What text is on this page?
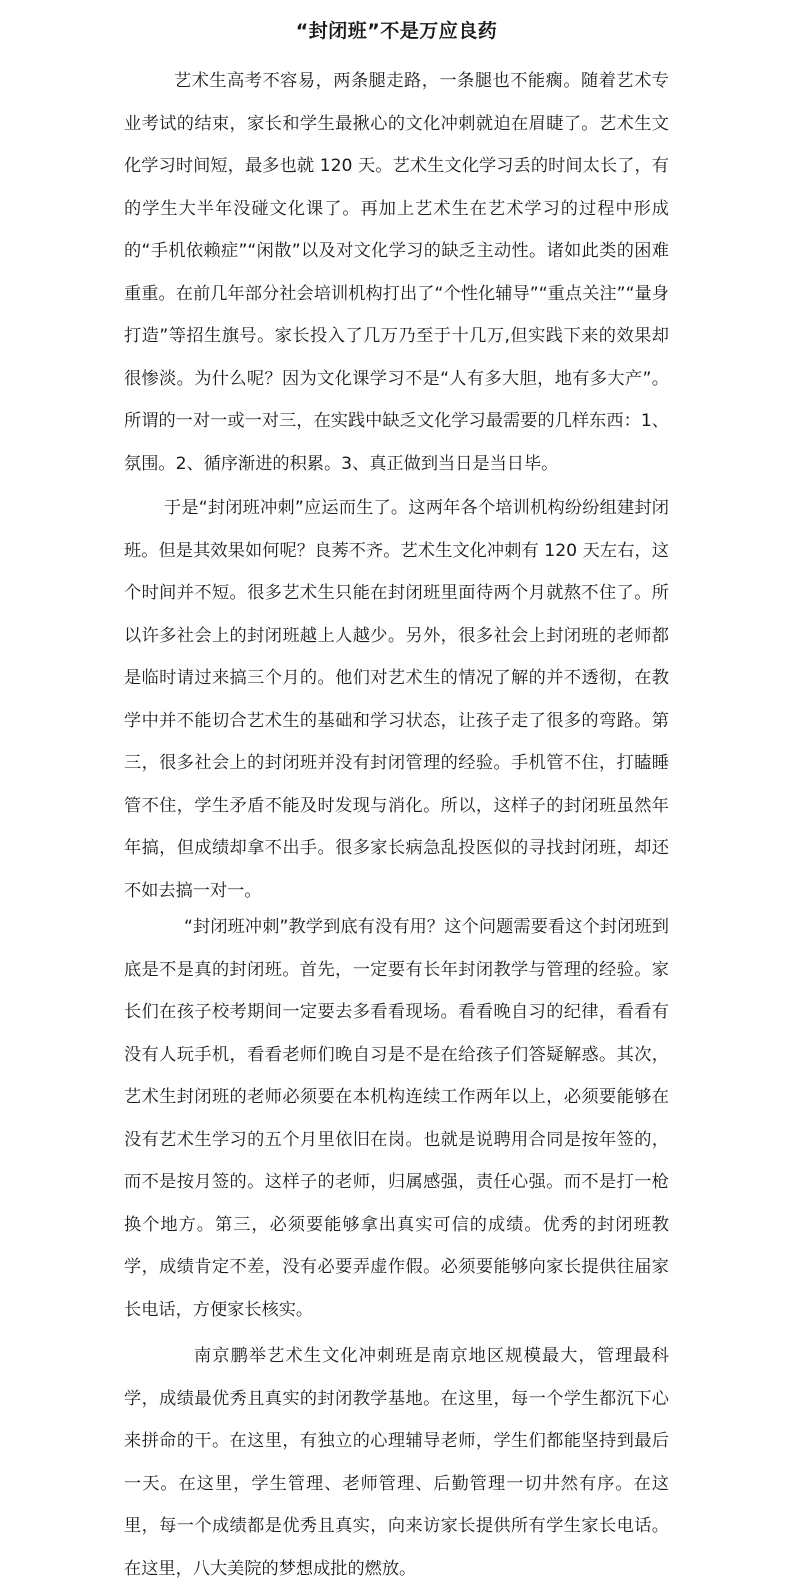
“封闭班”不是万应良药

艺术生高考不容易，两条腿走路，一条腿也不能瘸。随着艺术专业考试的结束，家长和学生最揪心的文化冲刺就迫在眉睫了。艺术生文化学习时间短，最多也就 120 天。艺术生文化学习丢的时间太长了，有的学生大半年没碰文化课了。再加上艺术生在艺术学习的过程中形成的“手机依赖症”“闲散”以及对文化学习的缺乏主动性。诸如此类的困难重重。在前几年部分社会培训机构打出了“个性化辅导”“重点关注”“量身打造”等招生旗号。家长投入了几万乃至于十几万,但实践下来的效果却很惨淡。为什么呢？因为文化课学习不是“人有多大胆，地有多大产”。所谓的一对一或一对三，在实践中缺乏文化学习最需要的几样东西：1、氛围。2、循序渐进的积累。3、真正做到当日是当日毕。

于是“封闭班冲刺”应运而生了。这两年各个培训机构纷纷组建封闭班。但是其效果如何呢？良莠不齐。艺术生文化冲刺有 120 天左右，这个时间并不短。很多艺术生只能在封闭班里面待两个月就熬不住了。所以许多社会上的封闭班越上人越少。另外，很多社会上封闭班的老师都是临时请过来搞三个月的。他们对艺术生的情况了解的并不透彻，在教学中并不能切合艺术生的基础和学习状态，让孩子走了很多的弯路。第三，很多社会上的封闭班并没有封闭管理的经验。手机管不住，打瞌睡管不住，学生矛盾不能及时发现与消化。所以，这样子的封闭班虽然年年搞，但成绩却拿不出手。很多家长病急乱投医似的寻找封闭班，却还不如去搞一对一。

“封闭班冲刺”教学到底有没有用？这个问题需要看这个封闭班到底是不是真的封闭班。首先，一定要有长年封闭教学与管理的经验。家长们在孩子校考期间一定要去多看看现场。看看晚自习的纪律，看看有没有人玩手机，看看老师们晚自习是不是在给孩子们答疑解惑。其次，艺术生封闭班的老师必须要在本机构连续工作两年以上，必须要能够在没有艺术生学习的五个月里依旧在岗。也就是说聘用合同是按年签的，而不是按月签的。这样子的老师，归属感强，责任心强。而不是打一枪换个地方。第三，必须要能够拿出真实可信的成绩。优秀的封闭班教学，成绩肯定不差，没有必要弄虚作假。必须要能够向家长提供往届家长电话，方便家长核实。

南京鹏举艺术生文化冲刺班是南京地区规模最大，管理最科学，成绩最优秀且真实的封闭教学基地。在这里，每一个学生都沉下心来拼命的干。在这里，有独立的心理辅导老师，学生们都能坚持到最后一天。在这里，学生管理、老师管理、后勤管理一切井然有序。在这里，每一个成绩都是优秀且真实，向来访家长提供所有学生家长电话。在这里，八大美院的梦想成批的燃放。
